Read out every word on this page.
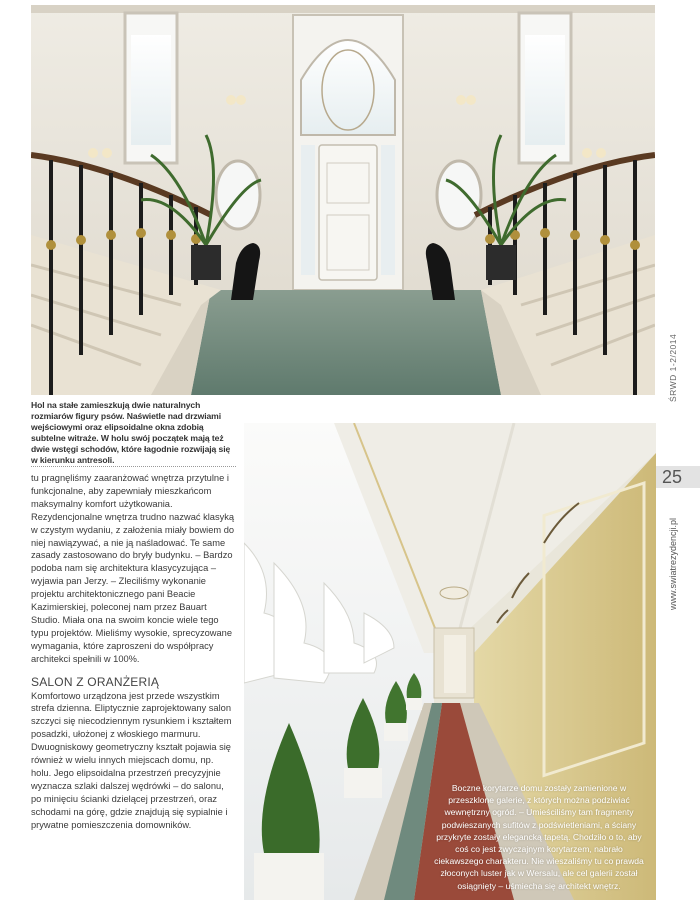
Hol na stałe zamieszkują dwie naturalnych rozmiarów figury psów. Naświetle nad drzwiami wejściowymi oraz elipsoidalne okna zdobią subtelne witraże. W holu swój początek mają też dwie wstęgi schodów, które łagodnie rozwijają się w kierunku antresoli.

tu pragnęliśmy zaaranżować wnętrza przytulne i funkcjonalne, aby zapewniały mieszkańcom maksymalny komfort użytkowania.

Rezydencjonalne wnętrza trudno nazwać klasyką w czystym wydaniu, z założenia miały bowiem do niej nawiązywać, a nie ją naśladować. Te same zasady zastosowano do bryły budynku. – Bardzo podoba nam się architektura klasycyzująca – wyjawia pan Jerzy. – Zleciliśmy wykonanie projektu architektonicznego pani Beacie Kazimierskiej, poleconej nam przez Bauart Studio. Miała ona na swoim koncie wiele tego typu projektów. Mieliśmy wysokie, sprecyzowane wymagania, które zaproszeni do współpracy architekci spełnili w 100%.

SALON Z ORANŻERIĄ

Komfortowo urządzona jest przede wszystkim strefa dzienna. Eliptycznie zaprojektowany salon szczyci się niecodziennym rysunkiem i kształtem posadzki, ułożonej z włoskiego marmuru. Dwuogniskowy geometryczny kształt pojawia się również w wielu innych miejscach domu, np. holu. Jego elipsoidalna przestrzeń precyzyjnie wyznacza szlaki dalszej wędrówki – do salonu, po minięciu ścianki dzielącej przestrzeń, oraz schodami na górę, gdzie znajdują się sypialnie i prywatne pomieszczenia domowników.

Boczne korytarze domu zostały zamienione w przeszklone galerie, z których można podziwiać wewnętrzny ogród. – Umieściliśmy tam fragmenty podwieszanych sufitów z podświetleniami, a ściany przykryte zostały elegancką tapetą. Chodziło o to, aby coś co jest zwyczajnym korytarzem, nabrało ciekawszego charakteru. Nie wieszaliśmy tu co prawda złoconych luster jak w Wersalu, ale cel galerii został osiągnięty – uśmiecha się architekt wnętrz.
ŚRWD 1-2/2014
25
www.swiatrezydencji.pl
